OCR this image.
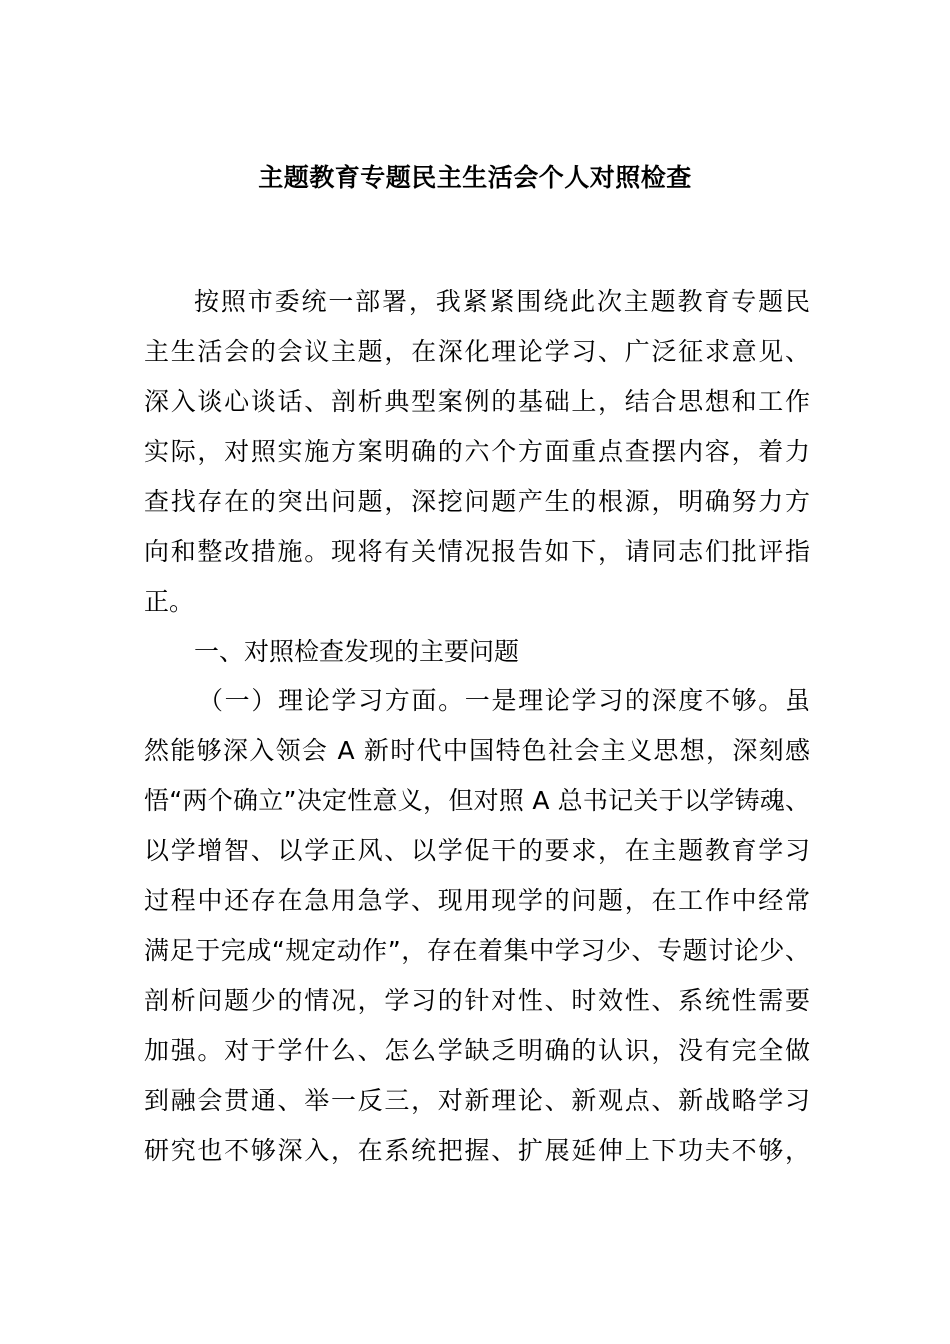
主题教育专题民主生活会个人对照检查
按照市委统一部署，我紧紧围绕此次主题教育专题民
主生活会的会议主题，在深化理论学习、广泛征求意见、
深入谈心谈话、剖析典型案例的基础上，结合思想和工作
实际，对照实施方案明确的六个方面重点查摆内容，着力
查找存在的突出问题，深挖问题产生的根源，明确努力方
向和整改措施。现将有关情况报告如下，请同志们批评指
正。
一、对照检查发现的主要问题
（一）理论学习方面。一是理论学习的深度不够。虽
然能够深入领会 A 新时代中国特色社会主义思想，深刻感
悟“两个确立”决定性意义，但对照 A 总书记关于以学铸魂、
以学增智、以学正风、以学促干的要求，在主题教育学习
过程中还存在急用急学、现用现学的问题，在工作中经常
满足于完成“规定动作”，存在着集中学习少、专题讨论少、
剖析问题少的情况，学习的针对性、时效性、系统性需要
加强。对于学什么、怎么学缺乏明确的认识，没有完全做
到融会贯通、举一反三，对新理论、新观点、新战略学习
研究也不够深入，在系统把握、扩展延伸上下功夫不够，
